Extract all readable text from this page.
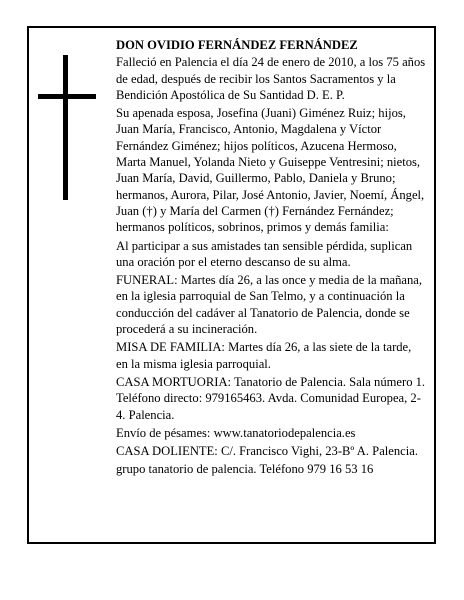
DON OVIDIO FERNÁNDEZ FERNÁNDEZ

Falleció en Palencia el día 24 de enero de 2010, a los 75 años de edad, después de recibir los Santos Sacramentos y la Bendición Apostólica de Su Santidad D. E. P.

Su apenada esposa, Josefina (Juani) Giménez Ruiz; hijos, Juan María, Francisco, Antonio, Magdalena y Víctor Fernández Giménez; hijos políticos, Azucena Hermoso, Marta Manuel, Yolanda Nieto y Guiseppe Ventresini; nietos, Juan María, David, Guillermo, Pablo, Daniela y Bruno; hermanos, Aurora, Pilar, José Antonio, Javier, Noemí, Ángel, Juan (†) y María del Carmen (†) Fernández Fernández; hermanos políticos, sobrinos, primos y demás familia:

Al participar a sus amistades tan sensible pérdida, suplican una oración por el eterno descanso de su alma.

FUNERAL: Martes día 26, a las once y media de la mañana, en la iglesia parroquial de San Telmo, y a continuación la conducción del cadáver al Tanatorio de Palencia, donde se procederá a su incineración.

MISA DE FAMILIA: Martes día 26, a las siete de la tarde, en la misma iglesia parroquial.

CASA MORTUORIA: Tanatorio de Palencia. Sala número 1. Teléfono directo: 979165463. Avda. Comunidad Europea, 2-4. Palencia.

Envío de pésames: www.tanatoriodepalencia.es

CASA DOLIENTE: C/. Francisco Vighi, 23-Bº A. Palencia.

grupo tanatorio de palencia. Teléfono 979 16 53 16
